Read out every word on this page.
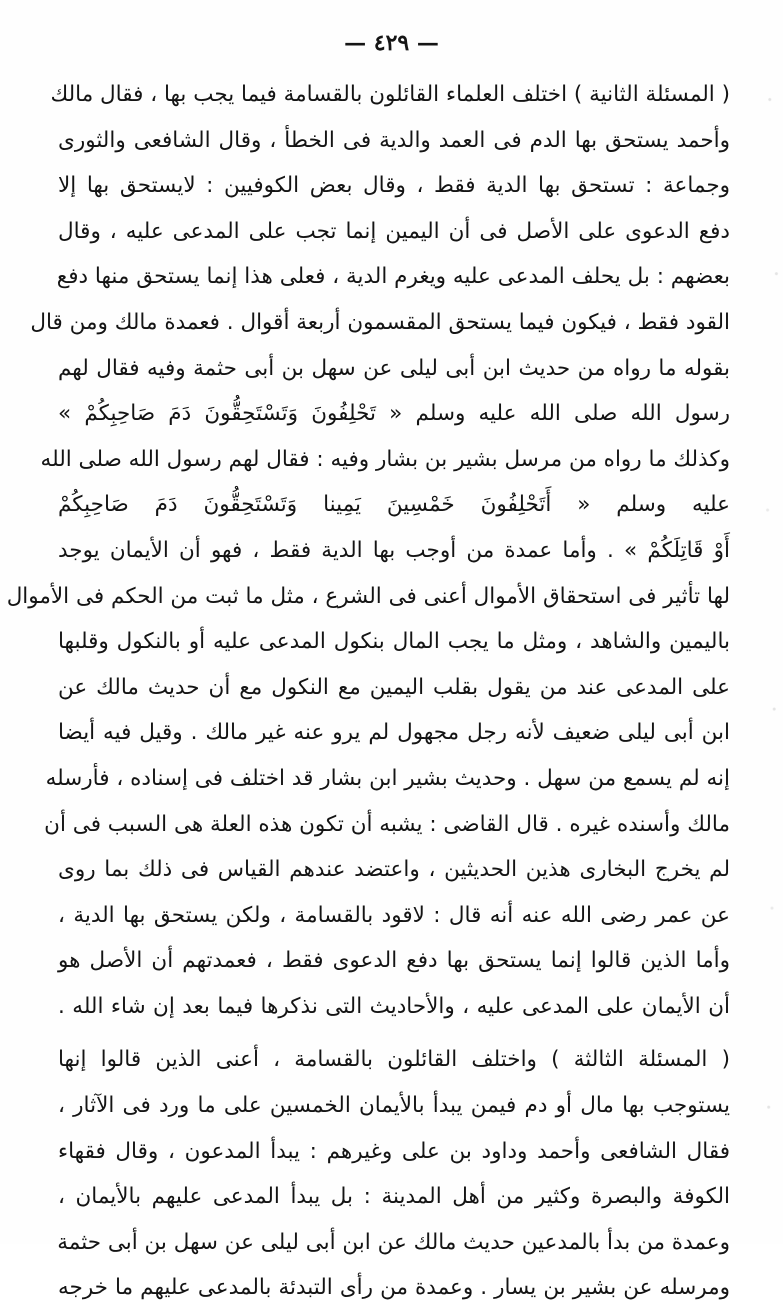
— ٤٢٩ —
( المسئلة الثانية ) اختلف العلماء القائلون بالقسامة فيما يجب بها ، فقال مالك
وأحمد يستحق بها الدم فى العمد والدية فى الخطأ ، وقال الشافعى والثورى
وجماعة : تستحق بها الدية فقط ، وقال بعض الكوفيين : لايستحق بها إلا
دفع الدعوى على الأصل فى أن اليمين إنما تجب على المدعى عليه ، وقال
بعضهم : بل يحلف المدعى عليه ويغرم الدية ، فعلى هذا إنما يستحق منها دفع
القود فقط ، فيكون فيما يستحق المقسمون أربعة أقوال . فعمدة مالك ومن قال
بقوله ما رواه من حديث ابن أبى ليلى عن سهل بن أبى حثمة وفيه فقال لهم
رسول الله صلى الله عليه وسلم « تَحْلِفُونَ وَتَسْتَحِقُّونَ دَمَ صَاحِبِكُمْ »
وكذلك ما رواه من مرسل بشير بن بشار وفيه : فقال لهم رسول الله صلى الله
عليه وسلم « أَتَحْلِفُونَ خَمْسِينَ يَمِينا وَتَسْتَحِقُّونَ دَمَ صَاحِبِكُمْ
أَوْ قَاتِلَكُمْ » . وأما عمدة من أوجب بها الدية فقط ، فهو أن الأيمان يوجد
لها تأثير فى استحقاق الأموال أعنى فى الشرع ، مثل ما ثبت من الحكم فى الأموال
باليمين والشاهد ، ومثل ما يجب المال بنكول المدعى عليه أو بالنكول وقلبها
على المدعى عند من يقول بقلب اليمين مع النكول مع أن حديث مالك عن
ابن أبى ليلى ضعيف لأنه رجل مجهول لم يرو عنه غير مالك . وقيل فيه أيضا
إنه لم يسمع من سهل . وحديث بشير ابن بشار قد اختلف فى إسناده ، فأرسله
مالك وأسنده غيره . قال القاضى : يشبه أن تكون هذه العلة هى السبب فى أن
لم يخرج البخارى هذين الحديثين ، واعتضد عندهم القياس فى ذلك بما روى
عن عمر رضى الله عنه أنه قال : لاقود بالقسامة ، ولكن يستحق بها الدية ،
وأما الذين قالوا إنما يستحق بها دفع الدعوى فقط ، فعمدتهم أن الأصل هو
أن الأيمان على المدعى عليه ، والأحاديث التى نذكرها فيما بعد إن شاء الله .
( المسئلة الثالثة ) واختلف القائلون بالقسامة ، أعنى الذين قالوا إنها
يستوجب بها مال أو دم فيمن يبدأ بالأيمان الخمسين على ما ورد فى الآثار ،
فقال الشافعى وأحمد وداود بن على وغيرهم : يبدأ المدعون ، وقال فقهاء
الكوفة والبصرة وكثير من أهل المدينة : بل يبدأ المدعى عليهم بالأيمان ،
وعمدة من بدأ بالمدعين حديث مالك عن ابن أبى ليلى عن سهل بن أبى حثمة
ومرسله عن بشير بن يسار . وعمدة من رأى التبدئة بالمدعى عليهم ما خرجه
